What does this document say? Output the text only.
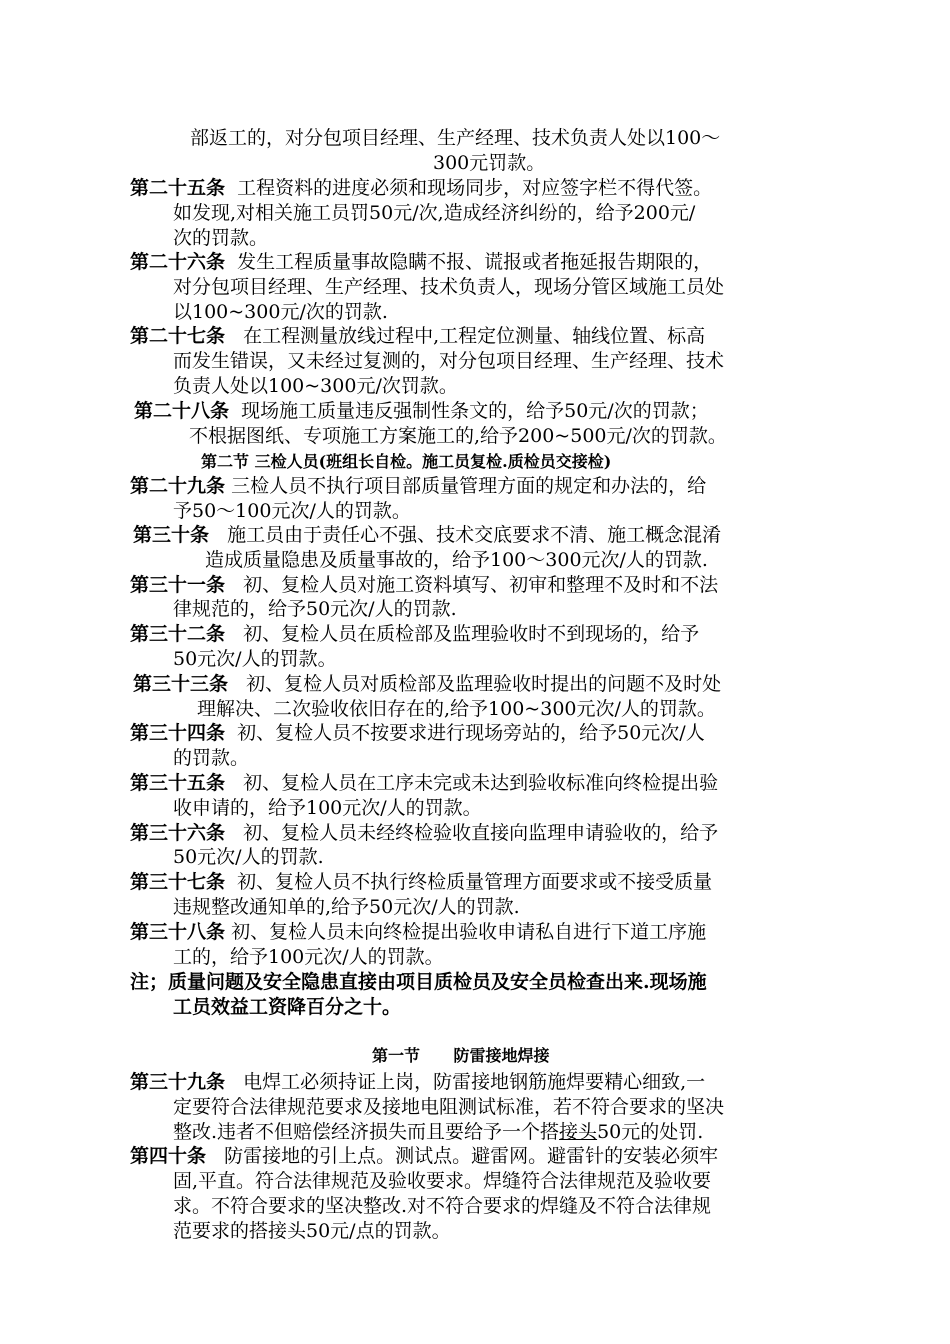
部返工的，对分包项目经理、生产经理、技术负责人处以100～
300元罚款。
第二十五条 工程资料的进度必须和现场同步，对应签字栏不得代签。
如发现,对相关施工员罚50元/次,造成经济纠纷的，给予200元/
次的罚款。
第二十六条 发生工程质量事故隐瞒不报、谎报或者拖延报告期限的，
对分包项目经理、生产经理、技术负责人，现场分管区域施工员处
以100~300元/次的罚款.
第二十七条 在工程测量放线过程中,工程定位测量、轴线位置、标高
而发生错误，又未经过复测的，对分包项目经理、生产经理、技术
负责人处以100~300元/次罚款。
第二十八条 现场施工质量违反强制性条文的，给予50元/次的罚款；
不根据图纸、专项施工方案施工的,给予200~500元/次的罚款。
第二节 三检人员(班组长自检。施工员复检.质检员交接检)
第二十九条 三检人员不执行项目部质量管理方面的规定和办法的，给
予50～100元次/人的罚款。
第三十条 施工员由于责任心不强、技术交底要求不清、施工概念混淆
造成质量隐患及质量事故的，给予100～300元次/人的罚款.
第三十一条 初、复检人员对施工资料填写、初审和整理不及时和不法
律规范的，给予50元次/人的罚款.
第三十二条 初、复检人员在质检部及监理验收时不到现场的，给予
50元次/人的罚款。
第三十三条 初、复检人员对质检部及监理验收时提出的问题不及时处
理解决、二次验收依旧存在的,给予100~300元次/人的罚款。
第三十四条 初、复检人员不按要求进行现场旁站的，给予50元次/人
的罚款。
第三十五条 初、复检人员在工序未完或未达到验收标准向终检提出验
收申请的，给予100元次/人的罚款。
第三十六条 初、复检人员未经终检验收直接向监理申请验收的，给予
50元次/人的罚款.
第三十七条 初、复检人员不执行终检质量管理方面要求或不接受质量
违规整改通知单的,给予50元次/人的罚款.
第三十八条 初、复检人员未向终检提出验收申请私自进行下道工序施
工的，给予100元次/人的罚款。
注；质量问题及安全隐患直接由项目质检员及安全员检查出来.现场施
工员效益工资降百分之十。
第一节 防雷接地焊接
第三十九条 电焊工必须持证上岗，防雷接地钢筋施焊要精心细致,一
定要符合法律规范要求及接地电阻测试标准，若不符合要求的坚决
整改.违者不但赔偿经济损失而且要给予一个搭接头50元的处罚.
第四十条 防雷接地的引上点。测试点。避雷网。避雷针的安装必须牢
固,平直。符合法律规范及验收要求。焊缝符合法律规范及验收要
求。不符合要求的坚决整改.对不符合要求的焊缝及不符合法律规
范要求的搭接头50元/点的罚款。
